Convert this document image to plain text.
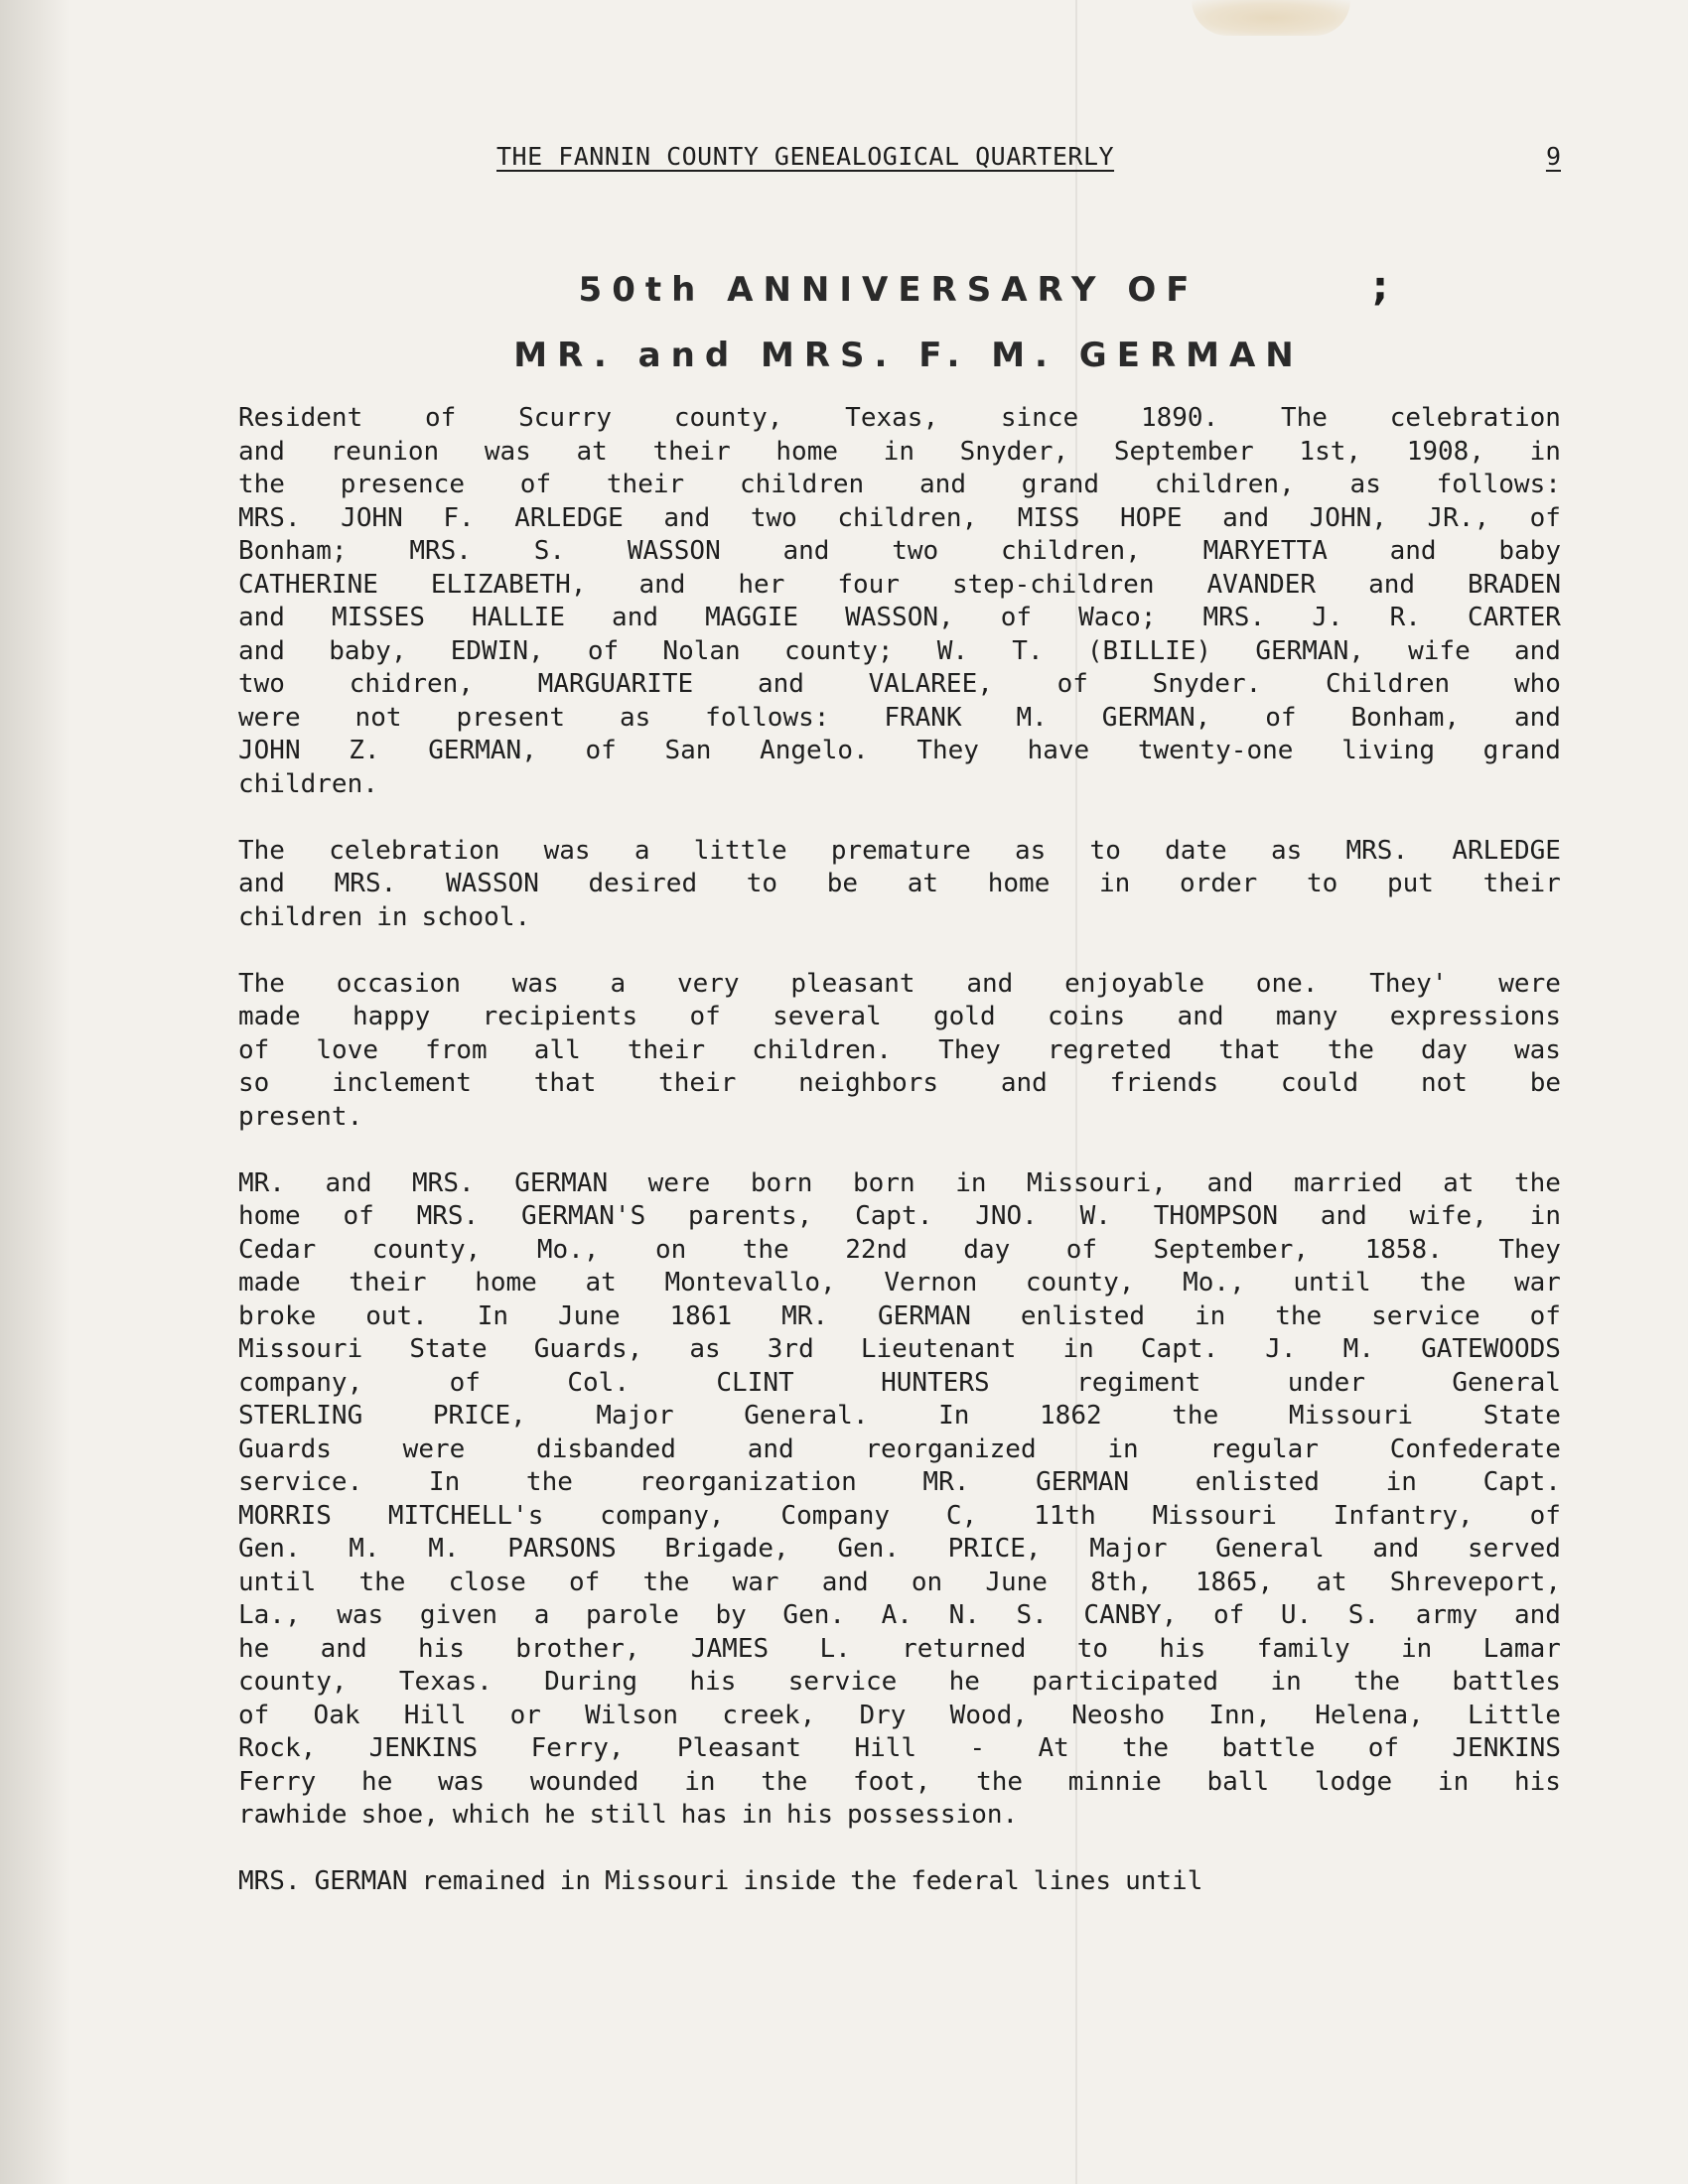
THE FANNIN COUNTY GENEALOGICAL QUARTERLY	9
50th ANNIVERSARY OF	;
MR. and MRS. F. M. GERMAN
Resident of Scurry county, Texas, since 1890. The celebration
and reunion was at their home in Snyder, September 1st, 1908, in
the presence of their children and grand children, as follows:
MRS. JOHN F. ARLEDGE and two children, MISS HOPE and JOHN, JR., of
Bonham; MRS. S. WASSON and two children, MARYETTA and baby
CATHERINE ELIZABETH, and her four step-children AVANDER and BRADEN
and MISSES HALLIE and MAGGIE WASSON, of Waco; MRS. J. R. CARTER
and baby, EDWIN, of Nolan county; W. T. (BILLIE) GERMAN, wife and
two chidren, MARGUARITE and VALAREE, of Snyder. Children who
were not present as follows: FRANK M. GERMAN, of Bonham, and
JOHN Z. GERMAN, of San Angelo. They have twenty-one living grand
children.
The celebration was a little premature as to date as MRS. ARLEDGE
and MRS. WASSON desired to be at home in order to put their
children in school.
The occasion was a very pleasant and enjoyable one. They' were
made happy recipients of several gold coins and many expressions
of love from all their children. They regreted that the day was
so inclement that their neighbors and friends could not be
present.
MR. and MRS. GERMAN were born born in Missouri, and married at the
home of MRS. GERMAN'S parents, Capt. JNO. W. THOMPSON and wife, in
Cedar county, Mo., on the 22nd day of September, 1858. They
made their home at Montevallo, Vernon county, Mo., until the war
broke out. In June 1861 MR. GERMAN enlisted in the service of
Missouri State Guards, as 3rd Lieutenant in Capt. J. M. GATEWOODS
company,	of	Col.	CLINT	HUNTERS	regiment	under	General
STERLING	PRICE,	Major	General.	In	1862	the	Missouri	State
Guards	were	disbanded	and	reorganized	in	regular	Confederate
service.	In	the	reorganization	MR.	GERMAN	enlisted	in	Capt.
MORRIS MITCHELL's company, Company C, 11th Missouri Infantry, of
Gen. M. M. PARSONS Brigade, Gen. PRICE, Major General and served
until the close of the war and on June 8th, 1865, at Shreveport,
La., was given a parole by Gen. A. N. S. CANBY, of U. S. army and
he and his brother, JAMES L. returned to his family in Lamar
county, Texas. During his service he participated in the battles
of Oak Hill or Wilson creek, Dry Wood, Neosho Inn, Helena, Little
Rock, JENKINS Ferry, Pleasant Hill - At the battle of JENKINS
Ferry he was wounded in the foot, the minnie ball lodge in his
rawhide shoe, which he still has in his possession.
MRS. GERMAN remained in Missouri inside the federal lines until
